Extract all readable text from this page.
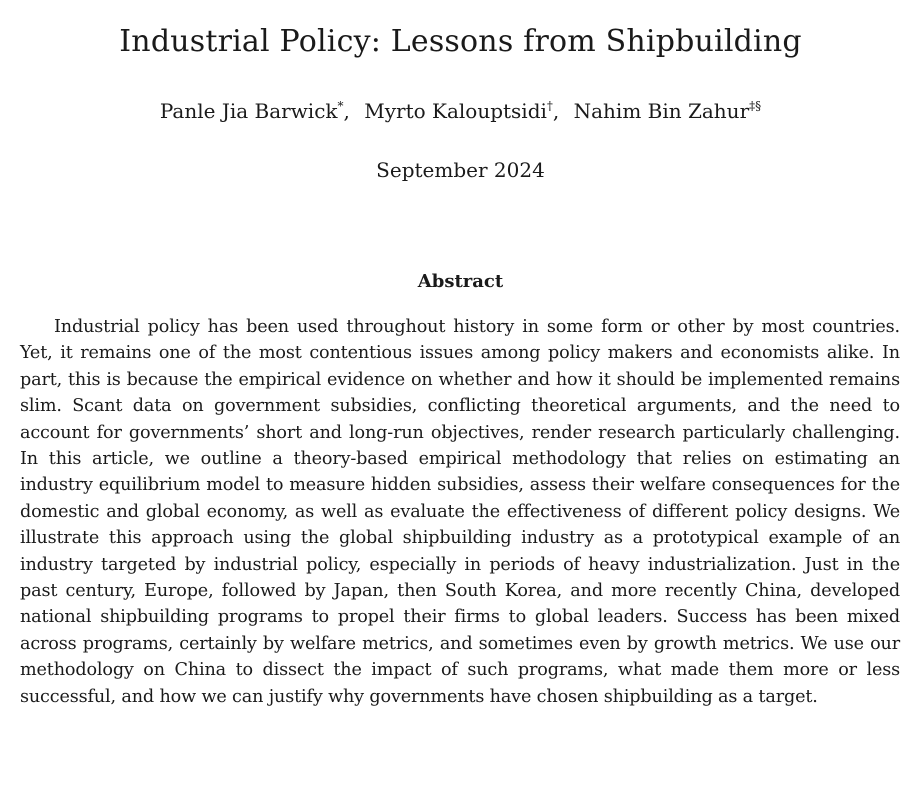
Industrial Policy: Lessons from Shipbuilding
Panle Jia Barwick*, Myrto Kalouptsidi†, Nahim Bin Zahur‡§
September 2024
Abstract

Industrial policy has been used throughout history in some form or other by most countries. Yet, it remains one of the most contentious issues among policy makers and economists alike. In part, this is because the empirical evidence on whether and how it should be implemented remains slim. Scant data on government subsidies, conflicting theoretical arguments, and the need to account for governments’ short and long-run objectives, render research particularly challenging. In this article, we outline a theory-based empirical methodology that relies on estimating an industry equilibrium model to measure hidden subsidies, assess their welfare consequences for the domestic and global economy, as well as evaluate the effectiveness of different policy designs. We illustrate this approach using the global shipbuilding industry as a prototypical example of an industry targeted by industrial policy, especially in periods of heavy industrialization. Just in the past century, Europe, followed by Japan, then South Korea, and more recently China, developed national shipbuilding programs to propel their firms to global leaders. Success has been mixed across programs, certainly by welfare metrics, and sometimes even by growth metrics. We use our methodology on China to dissect the impact of such programs, what made them more or less successful, and how we can justify why governments have chosen shipbuilding as a target.
